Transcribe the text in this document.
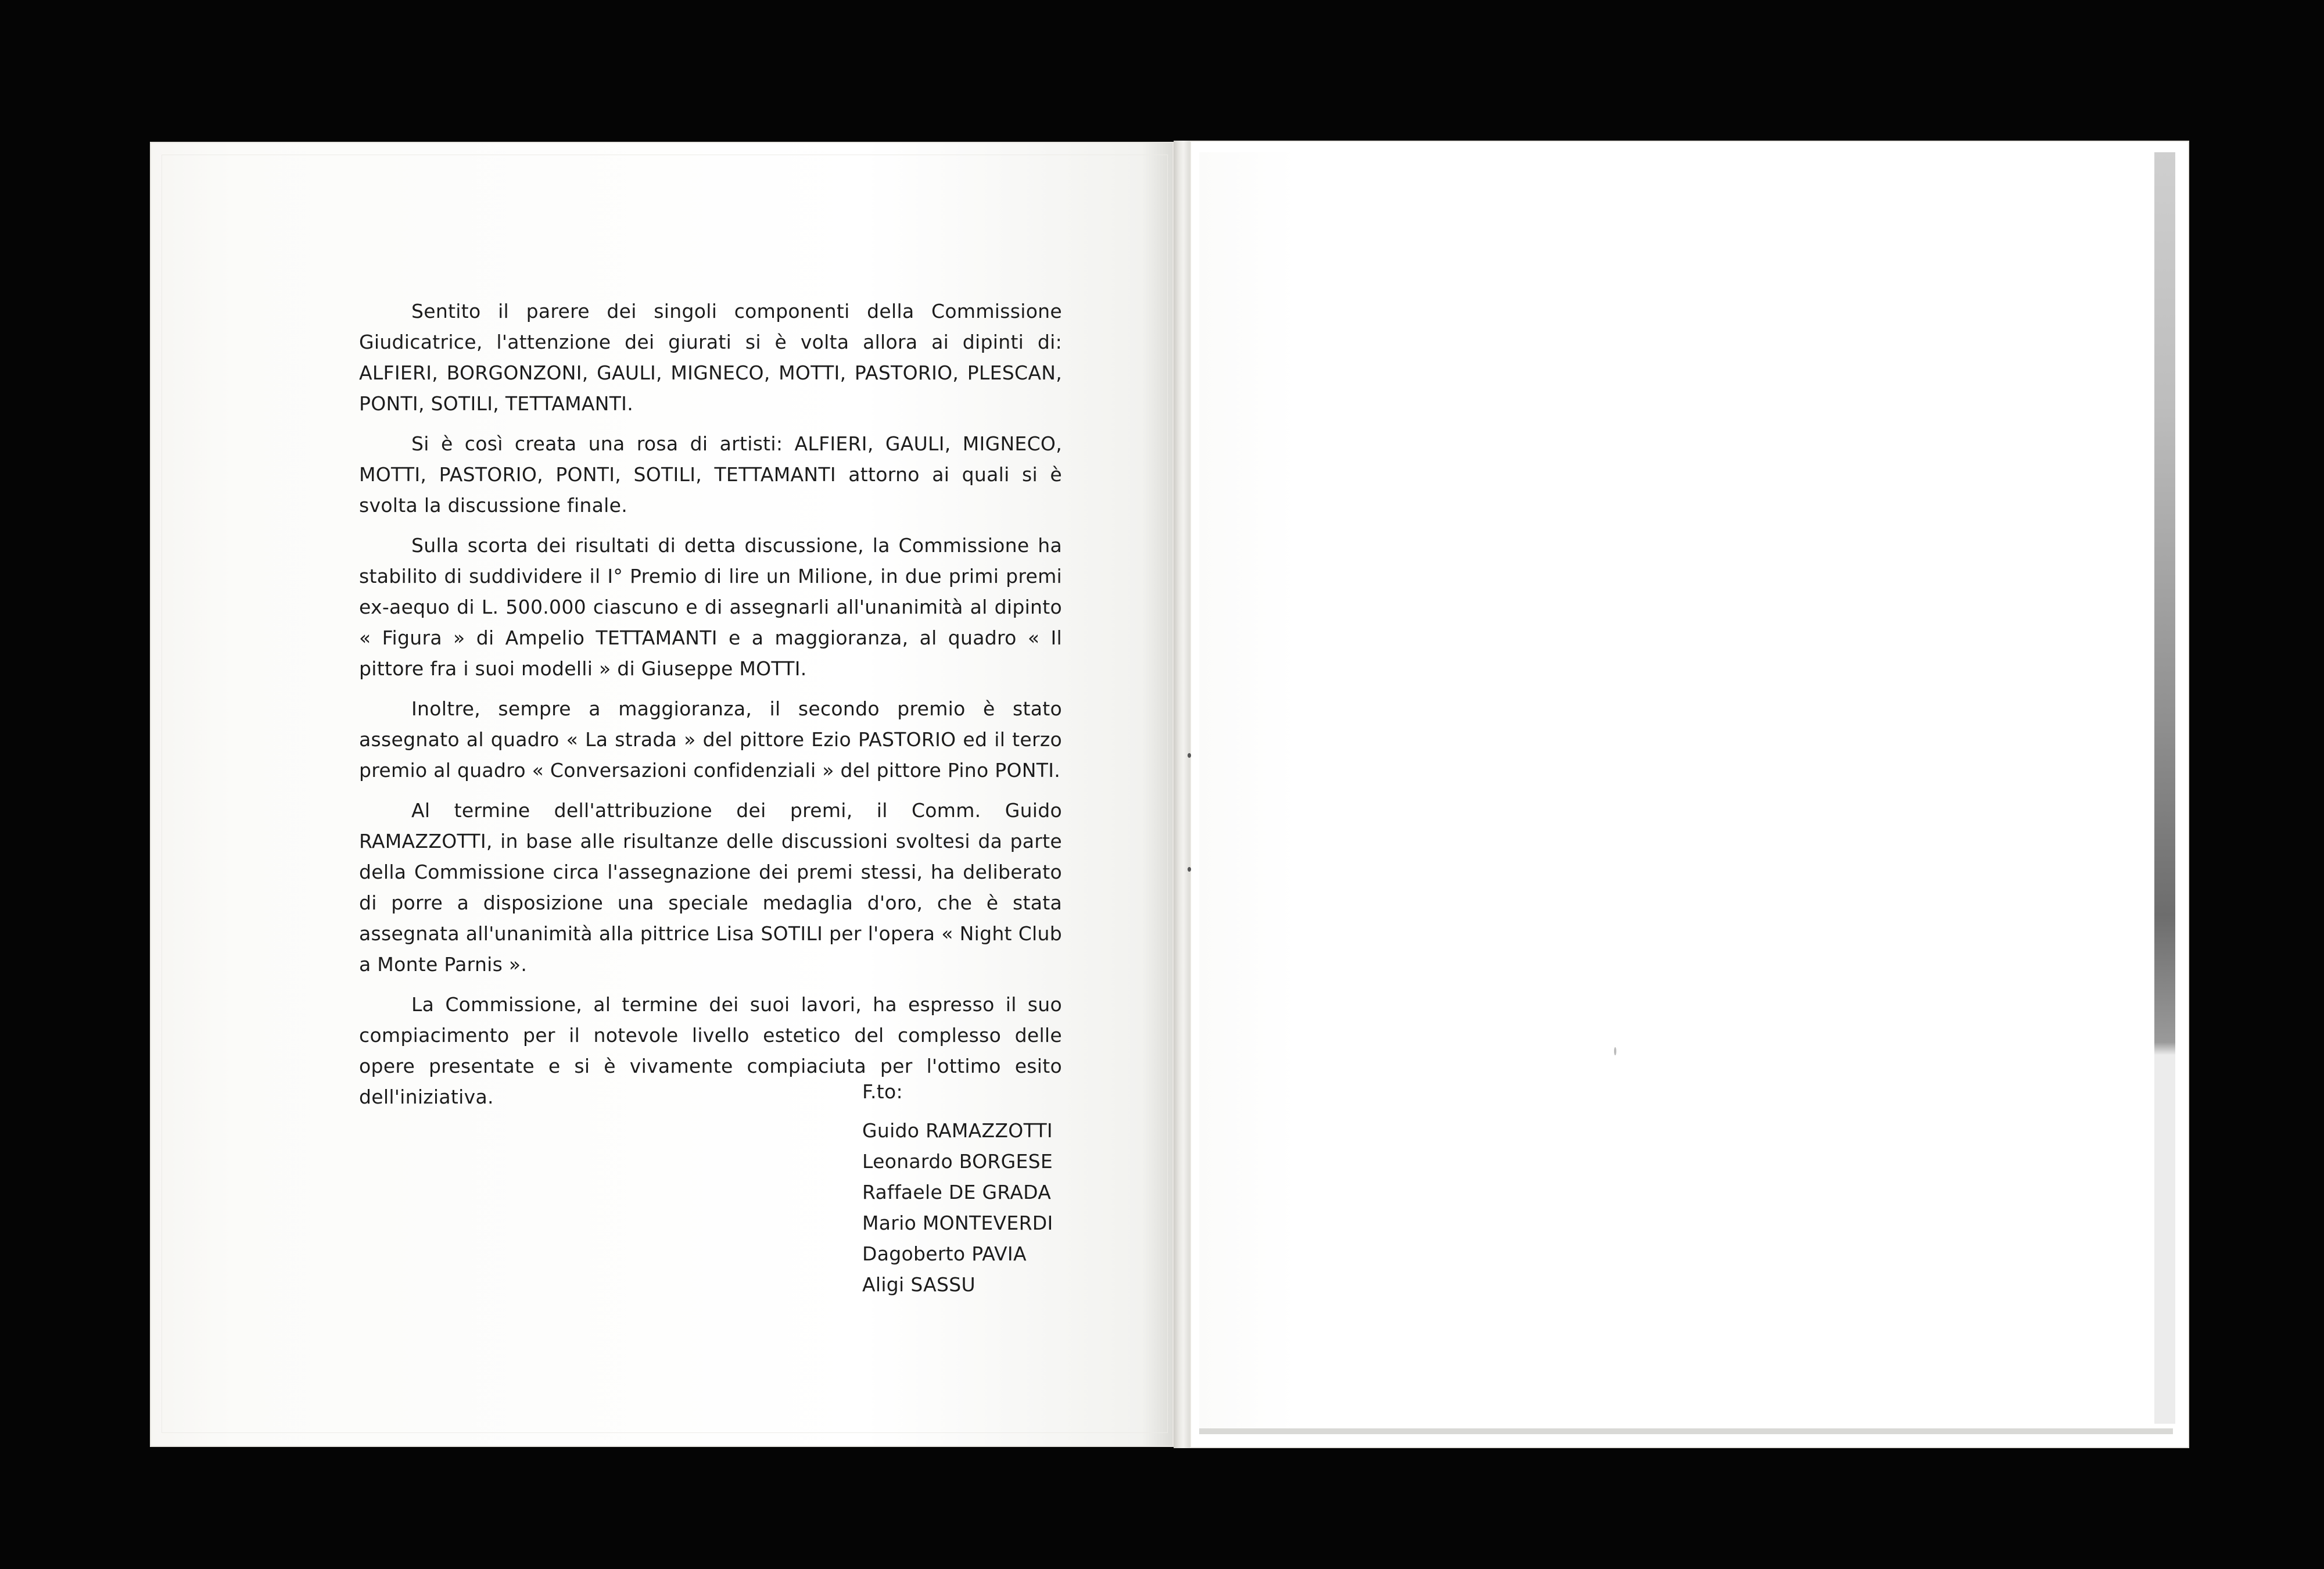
Sentito il parere dei singoli componenti della Commissione Giudicatrice, l'attenzione dei giurati si è volta allora ai dipinti di: ALFIERI, BORGONZONI, GAULI, MIGNECO, MOTTI, PASTORIO, PLESCAN, PONTI, SOTILI, TETTAMANTI.

Si è così creata una rosa di artisti: ALFIERI, GAULI, MIGNECO, MOTTI, PASTORIO, PONTI, SOTILI, TETTAMANTI attorno ai quali si è svolta la discussione finale.

Sulla scorta dei risultati di detta discussione, la Commissione ha stabilito di suddividere il I° Premio di lire un Milione, in due primi premi ex-aequo di L. 500.000 ciascuno e di assegnarli all'unanimità al dipinto « Figura » di Ampelio TETTAMANTI e a maggioranza, al quadro « Il pittore fra i suoi modelli » di Giuseppe MOTTI.

Inoltre, sempre a maggioranza, il secondo premio è stato assegnato al quadro « La strada » del pittore Ezio PASTORIO ed il terzo premio al quadro « Conversazioni confidenziali » del pittore Pino PONTI.

Al termine dell'attribuzione dei premi, il Comm. Guido RAMAZZOTTI, in base alle risultanze delle discussioni svoltesi da parte della Commissione circa l'assegnazione dei premi stessi, ha deliberato di porre a disposizione una speciale medaglia d'oro, che è stata assegnata all'unanimità alla pittrice Lisa SOTILI per l'opera « Night Club a Monte Parnis ».

La Commissione, al termine dei suoi lavori, ha espresso il suo compiacimento per il notevole livello estetico del complesso delle opere presentate e si è vivamente compiaciuta per l'ottimo esito dell'iniziativa.	F.to:
Guido RAMAZZOTTI
Leonardo BORGESE
Raffaele DE GRADA
Mario MONTEVERDI
Dagoberto PAVIA
Aligi SASSU
